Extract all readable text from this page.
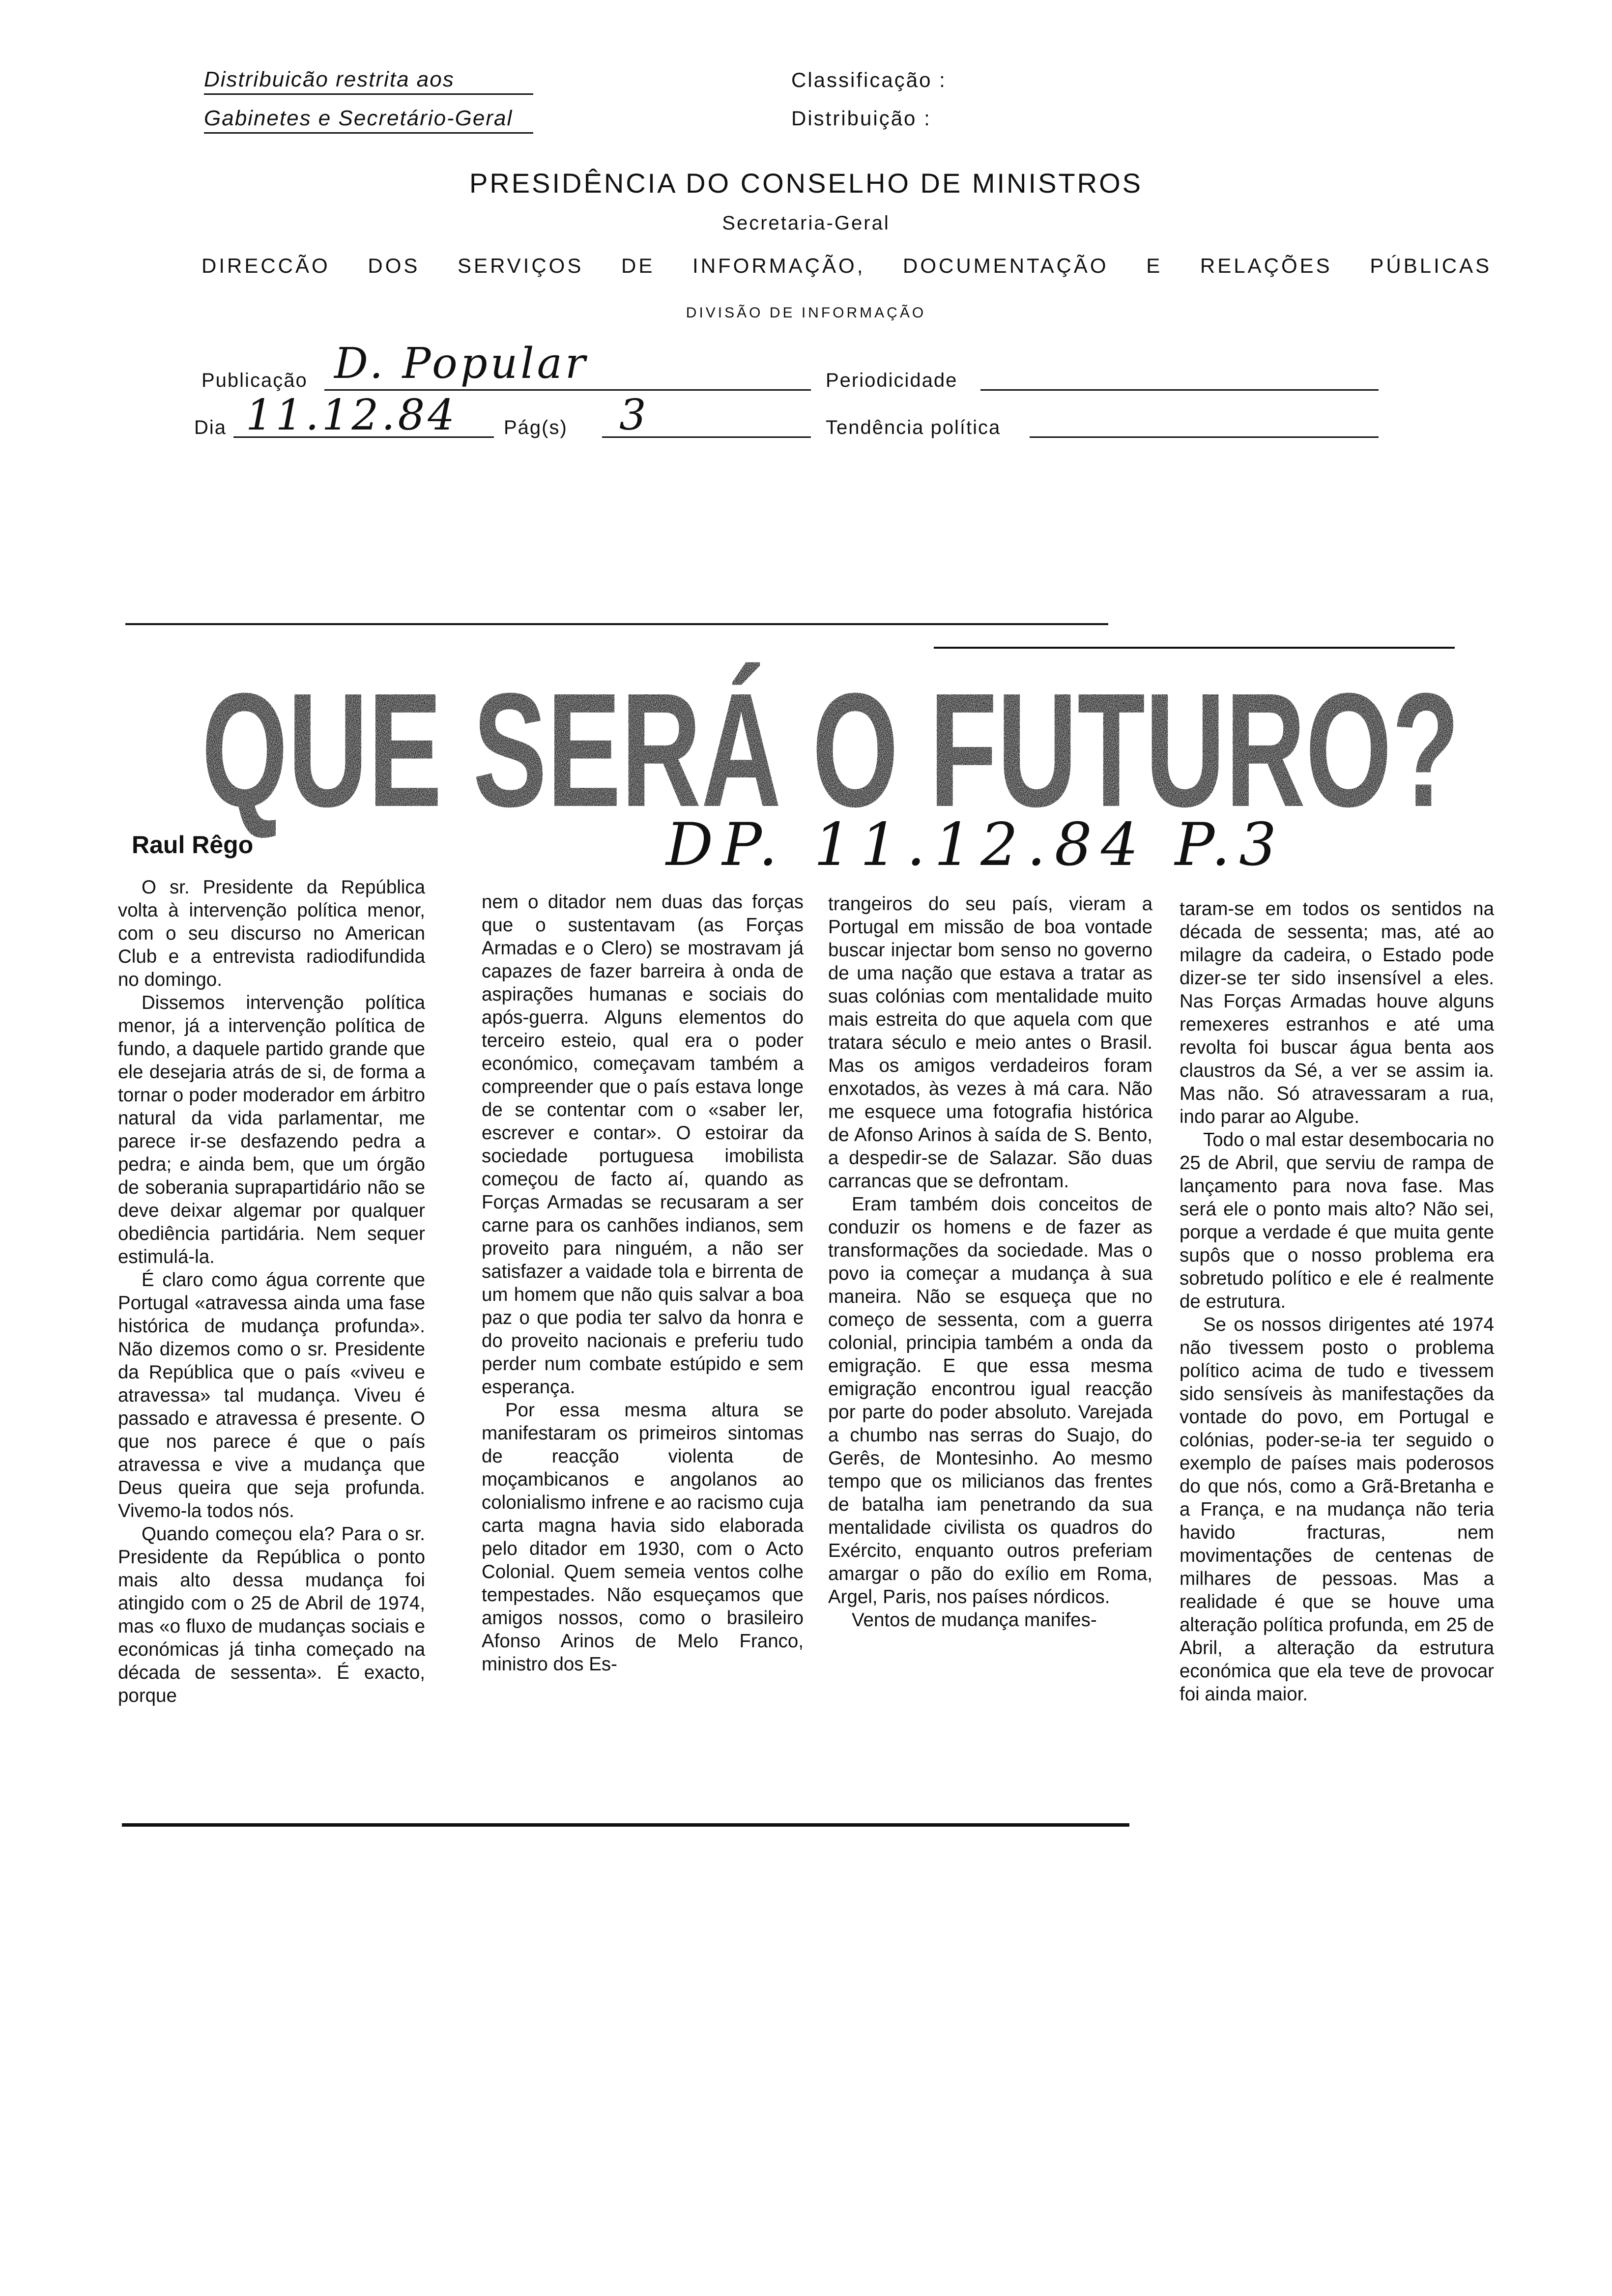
Distribuicão restrita aos
Gabinetes e Secretário-Geral
Classificação :
Distribuição :
PRESIDÊNCIA DO CONSELHO DE MINISTROS
Secretaria-Geral
DIRECCÃO DOS SERVIÇOS DE INFORMAÇÃO, DOCUMENTAÇÃO E RELAÇÕES PÚBLICAS
DIVISÃO DE INFORMAÇÃO
Publicação D. Popular	Periodicidade
Dia 11.12.84 Pág(s) 3	Tendência política
QUE SERÁ O FUTURO?
Raul Rêgo	DP. 11.12.84 P.3

O sr. Presidente da República volta à intervenção política menor, com o seu discurso no American Club e a entrevista radiodifundida no domingo.

Dissemos intervenção política menor, já a intervenção política de fundo, a daquele partido grande que ele desejaria atrás de si, de forma a tornar o poder moderador em árbitro natural da vida parlamentar, me parece ir-se desfazendo pedra a pedra; e ainda bem, que um órgão de soberania suprapartidário não se deve deixar algemar por qualquer obediência partidária. Nem sequer estimulá-la.

É claro como água corrente que Portugal «atravessa ainda uma fase histórica de mudança profunda». Não dizemos como o sr. Presidente da República que o país «viveu e atravessa» tal mudança. Viveu é passado e atravessa é presente. O que nos parece é que o país atravessa e vive a mudança que Deus queira que seja profunda. Vivemo-la todos nós.

Quando começou ela? Para o sr. Presidente da República o ponto mais alto dessa mudança foi atingido com o 25 de Abril de 1974, mas «o fluxo de mudanças sociais e económicas já tinha começado na década de sessenta». É exacto, porque

nem o ditador nem duas das forças que o sustentavam (as Forças Armadas e o Clero) se mostravam já capazes de fazer barreira à onda de aspirações humanas e sociais do após-guerra. Alguns elementos do terceiro esteio, qual era o poder económico, começavam também a compreender que o país estava longe de se contentar com o «saber ler, escrever e contar». O estoirar da sociedade portuguesa imobilista começou de facto aí, quando as Forças Armadas se recusaram a ser carne para os canhões indianos, sem proveito para ninguém, a não ser satisfazer a vaidade tola e birrenta de um homem que não quis salvar a boa paz o que podia ter salvo da honra e do proveito nacionais e preferiu tudo perder num combate estúpido e sem esperança.

Por essa mesma altura se manifestaram os primeiros sintomas de reacção violenta de moçambicanos e angolanos ao colonialismo infrene e ao racismo cuja carta magna havia sido elaborada pelo ditador em 1930, com o Acto Colonial. Quem semeia ventos colhe tempestades. Não esqueçamos que amigos nossos, como o brasileiro Afonso Arinos de Melo Franco, ministro dos Es-

trangeiros do seu país, vieram a Portugal em missão de boa vontade buscar injectar bom senso no governo de uma nação que estava a tratar as suas colónias com mentalidade muito mais estreita do que aquela com que tratara século e meio antes o Brasil. Mas os amigos verdadeiros foram enxotados, às vezes à má cara. Não me esquece uma fotografia histórica de Afonso Arinos à saída de S. Bento, a despedir-se de Salazar. São duas carrancas que se defrontam.

Eram também dois conceitos de conduzir os homens e de fazer as transformações da sociedade. Mas o povo ia começar a mudança à sua maneira. Não se esqueça que no começo de sessenta, com a guerra colonial, principia também a onda da emigração. E que essa mesma emigração encontrou igual reacção por parte do poder absoluto. Varejada a chumbo nas serras do Suajo, do Gerês, de Montesinho. Ao mesmo tempo que os milicianos das frentes de batalha iam penetrando da sua mentalidade civilista os quadros do Exército, enquanto outros preferiam amargar o pão do exílio em Roma, Argel, Paris, nos países nórdicos.

Ventos de mudança manifes-

taram-se em todos os sentidos na década de sessenta; mas, até ao milagre da cadeira, o Estado pode dizer-se ter sido insensível a eles. Nas Forças Armadas houve alguns remexeres estranhos e até uma revolta foi buscar água benta aos claustros da Sé, a ver se assim ia. Mas não. Só atravessaram a rua, indo parar ao Algube.

Todo o mal estar desembocaria no 25 de Abril, que serviu de rampa de lançamento para nova fase. Mas será ele o ponto mais alto? Não sei, porque a verdade é que muita gente supôs que o nosso problema era sobretudo político e ele é realmente de estrutura.

Se os nossos dirigentes até 1974 não tivessem posto o problema político acima de tudo e tivessem sido sensíveis às manifestações da vontade do povo, em Portugal e colónias, poder-se-ia ter seguido o exemplo de países mais poderosos do que nós, como a Grã-Bretanha e a França, e na mudança não teria havido fracturas, nem movimentações de centenas de milhares de pessoas. Mas a realidade é que se houve uma alteração política profunda, em 25 de Abril, a alteração da estrutura económica que ela teve de provocar foi ainda maior.
